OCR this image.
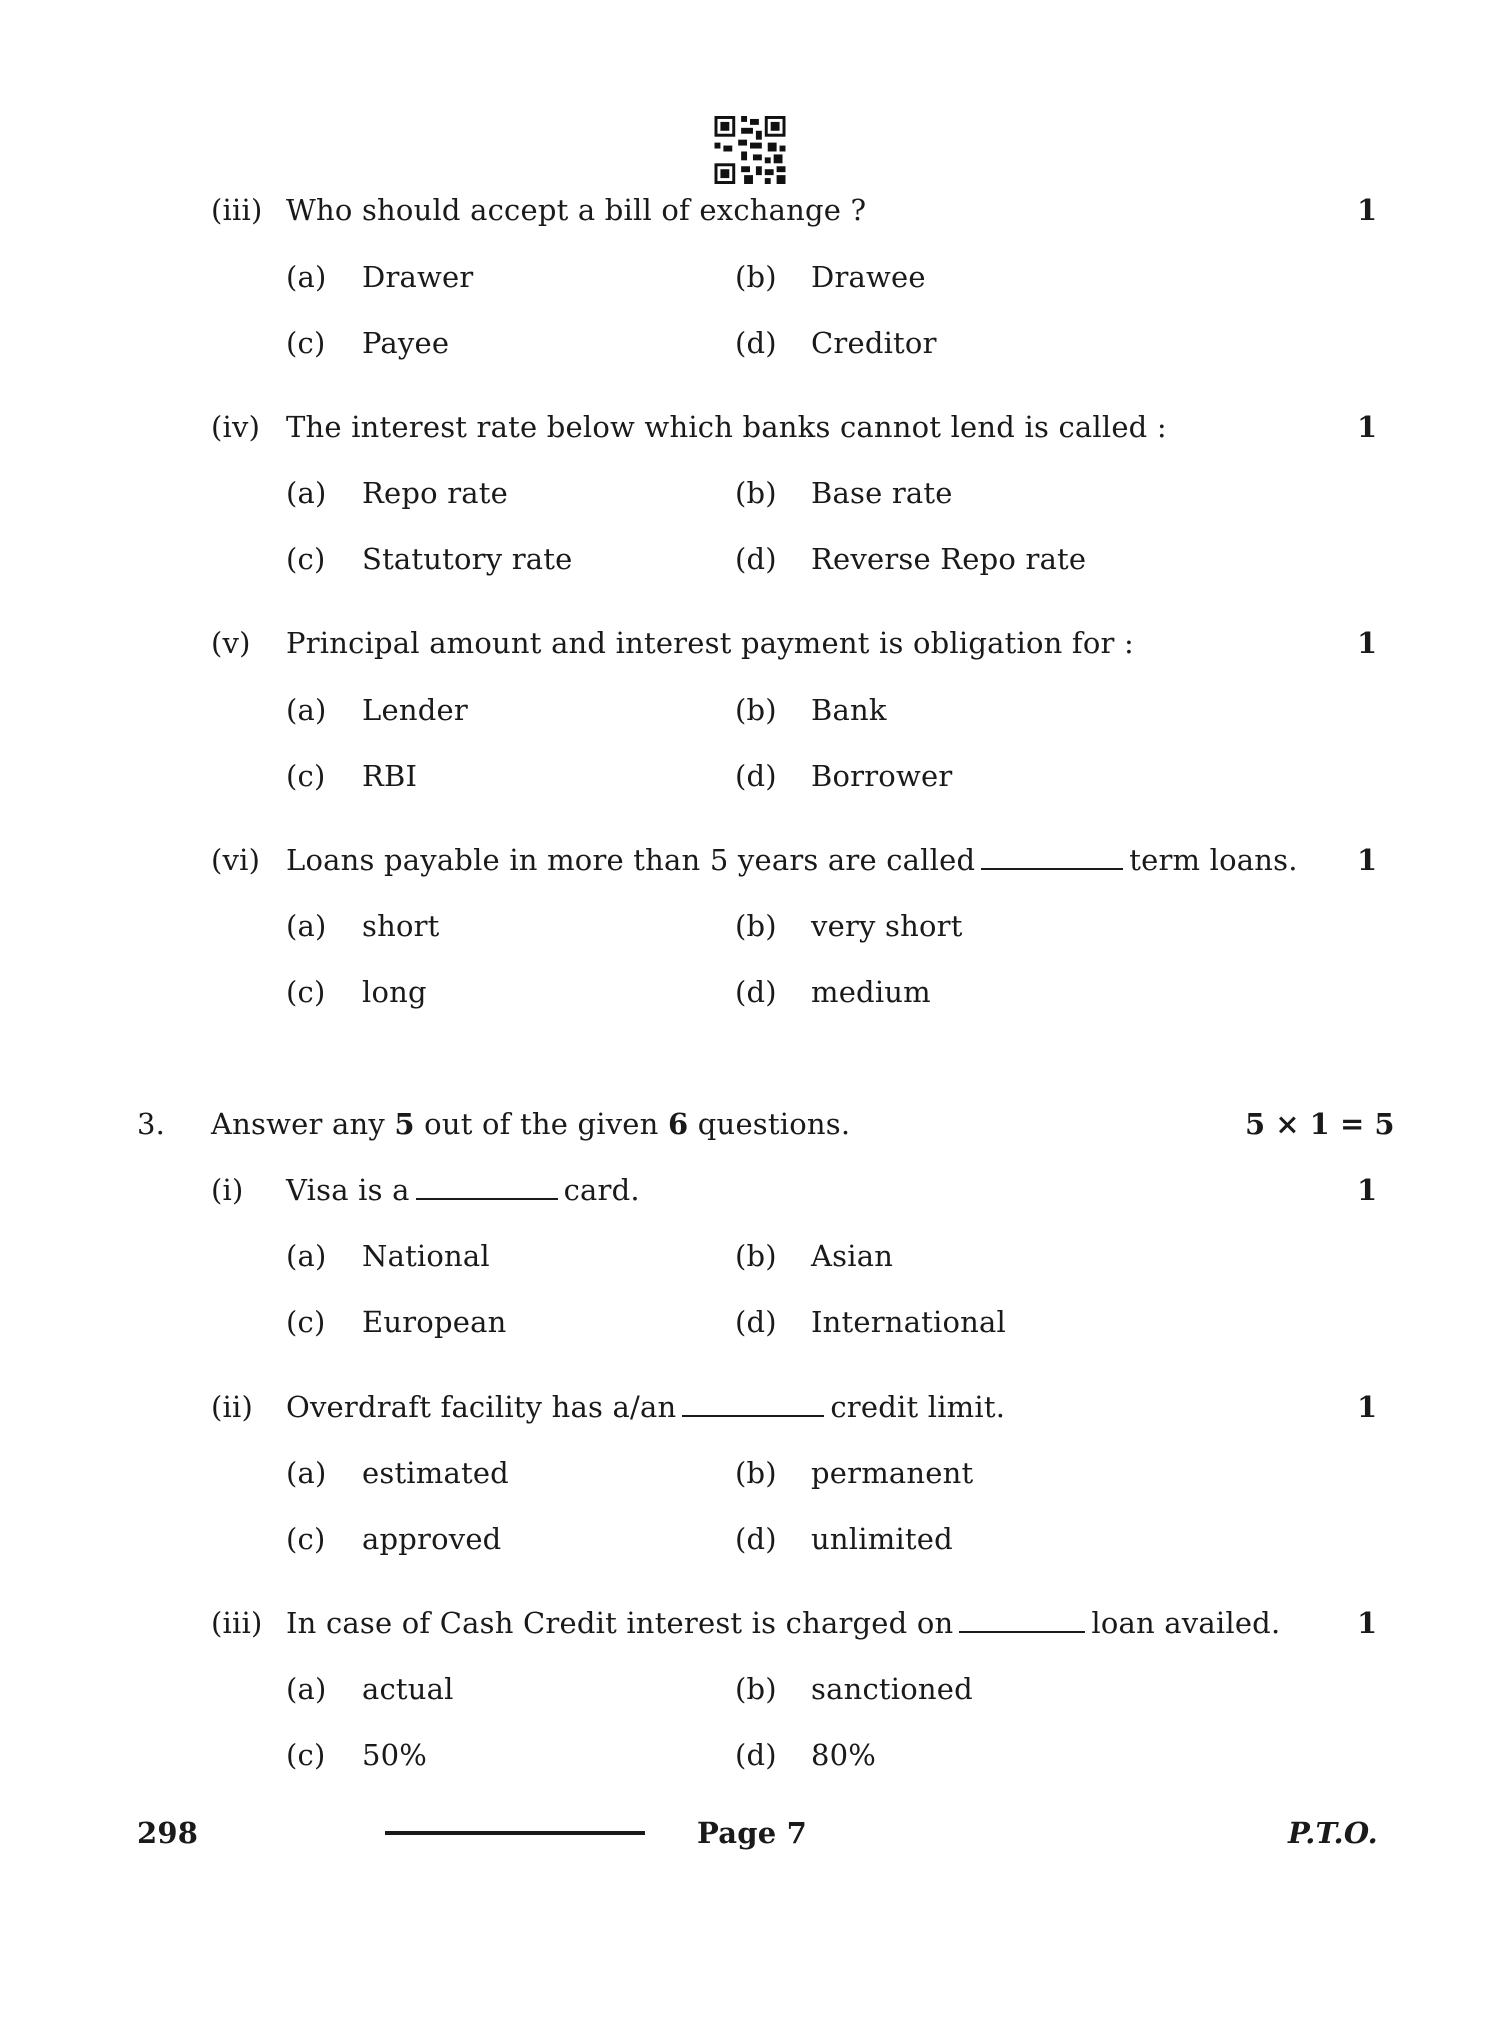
(iii) Who should accept a bill of exchange ?	1
(a) Drawer	(b) Drawee
(c) Payee	(d) Creditor
(iv) The interest rate below which banks cannot lend is called :	1
(a) Repo rate	(b) Base rate
(c) Statutory rate	(d) Reverse Repo rate
(v) Principal amount and interest payment is obligation for :	1
(a) Lender	(b) Bank
(c) RBI	(d) Borrower
(vi) Loans payable in more than 5 years are called	term loans. 1
(a) short	(b) very short
(c) long	(d) medium
3. Answer any 5 out of the given 6 questions.	5 × 1 = 5
(i) Visa is a	card.	1
(a) National	(b) Asian
(c) European	(d) International
(ii) Overdraft facility has a/an	credit limit.	1
(a) estimated	(b) permanent
(c) approved	(d) unlimited
(iii) In case of Cash Credit interest is charged on	loan availed.	1
(a) actual	(b) sanctioned
(c) 50%	(d) 80%
298	Page 7	P.T.O.
